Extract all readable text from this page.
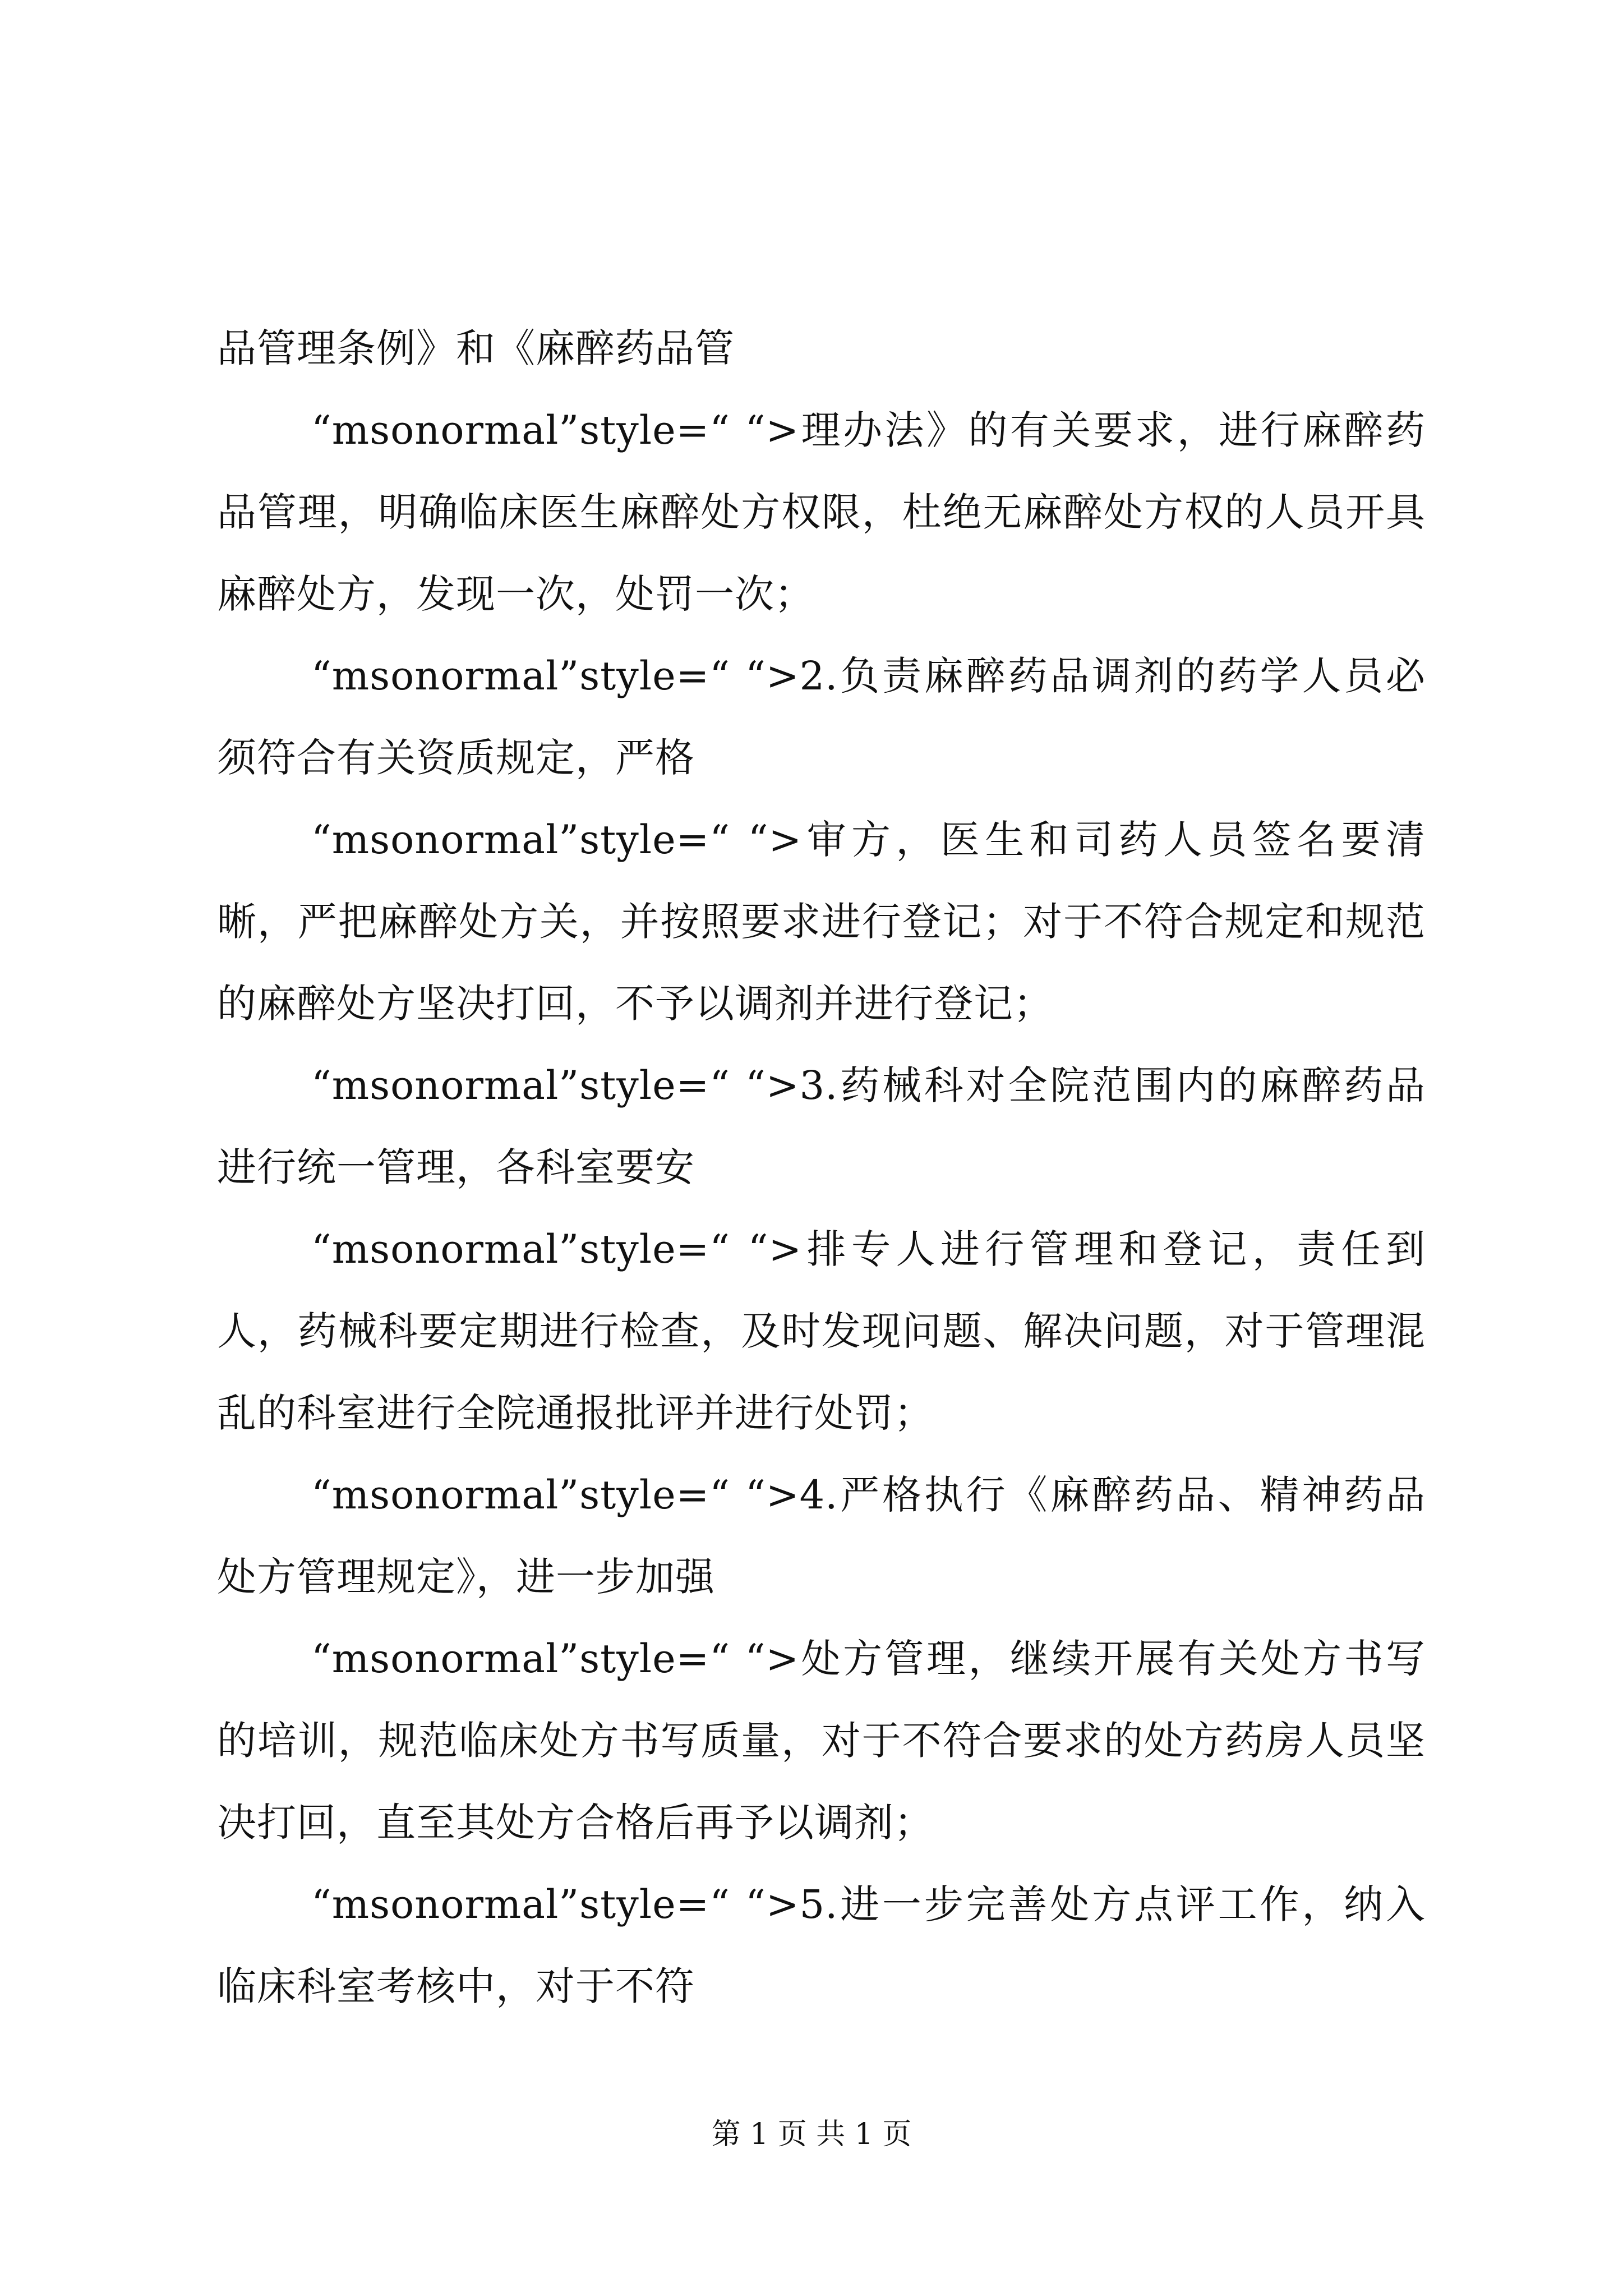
品管理条例》和《麻醉药品管

“msonormal”style=“ “>理办法》的有关要求，进行麻醉药品管理，明确临床医生麻醉处方权限，杜绝无麻醉处方权的人员开具麻醉处方，发现一次，处罚一次；

“msonormal”style=“ “>2.负责麻醉药品调剂的药学人员必须符合有关资质规定，严格

“msonormal”style=“ “>审方，医生和司药人员签名要清晰，严把麻醉处方关，并按照要求进行登记；对于不符合规定和规范的麻醉处方坚决打回，不予以调剂并进行登记；

“msonormal”style=“ “>3.药械科对全院范围内的麻醉药品进行统一管理，各科室要安

“msonormal”style=“ “>排专人进行管理和登记，责任到人，药械科要定期进行检查，及时发现问题、解决问题，对于管理混乱的科室进行全院通报批评并进行处罚；

“msonormal”style=“ “>4.严格执行《麻醉药品、精神药品处方管理规定》，进一步加强

“msonormal”style=“ “>处方管理，继续开展有关处方书写的培训，规范临床处方书写质量，对于不符合要求的处方药房人员坚决打回，直至其处方合格后再予以调剂；

“msonormal”style=“ “>5.进一步完善处方点评工作，纳入临床科室考核中，对于不符

第 1 页 共 1 页
